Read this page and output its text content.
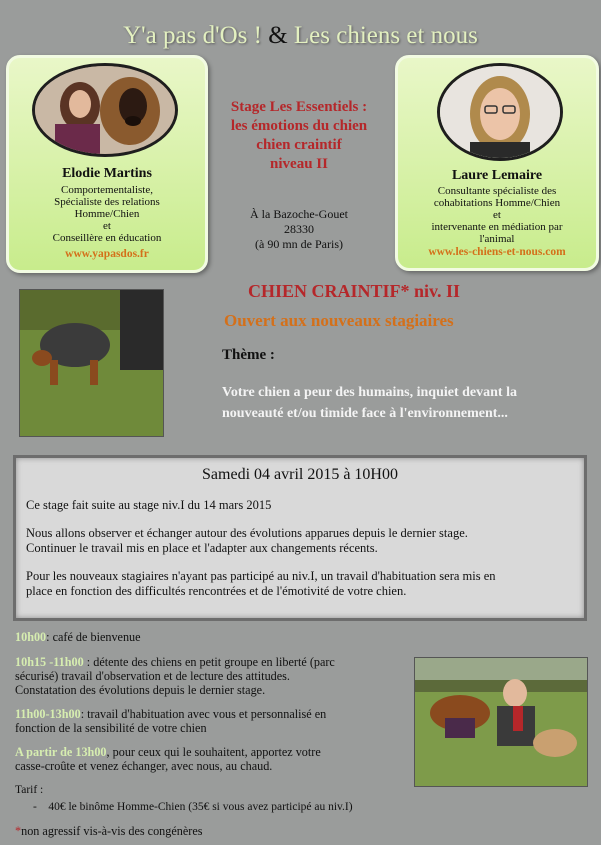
Y'a pas d'Os ! & Les chiens et nous
Elodie Martins
Comportementaliste,
Spécialiste des relations
Homme/Chien
et
Conseillère en éducation
www.yapasdos.fr
Laure Lemaire
Consultante spécialiste des
cohabitations Homme/Chien
et
intervenante en médiation par
l'animal
www.les-chiens-et-nous.com
Stage Les Essentiels :
les émotions du chien
chien craintif
niveau II
À la Bazoche-Gouet
28330
(à 90 mn de Paris)
CHIEN CRAINTIF* niv. II
Ouvert aux nouveaux stagiaires
Thème :
Votre chien a peur des humains, inquiet devant la
nouveauté et/ou timide face à l'environnement...
Samedi 04 avril 2015 à 10H00

Ce stage fait suite au stage niv.I du 14 mars 2015

Nous allons observer et échanger autour des évolutions apparues depuis le dernier stage.

Continuer le travail mis en place et l'adapter aux changements récents.

Pour les nouveaux stagiaires n'ayant pas participé au niv.I, un travail d'habituation sera mis en

place en fonction des difficultés rencontrées et de l'émotivité de votre chien.

10h00: café de bienvenue
10h15 -11h00 : détente des chiens en petit groupe en liberté (parc
sécurisé) travail d'observation et de lecture des attitudes.
Constatation des évolutions depuis le dernier stage.
11h00-13h00: travail d'habituation avec vous et personnalisé en
fonction de la sensibilité de votre chien
A partir de 13h00, pour ceux qui le souhaitent, apportez votre
casse-croûte et venez échanger, avec nous, au chaud.
Tarif :
- 40€ le binôme Homme-Chien (35€ si vous avez participé au niv.I)
*non agressif vis-à-vis des congénères
